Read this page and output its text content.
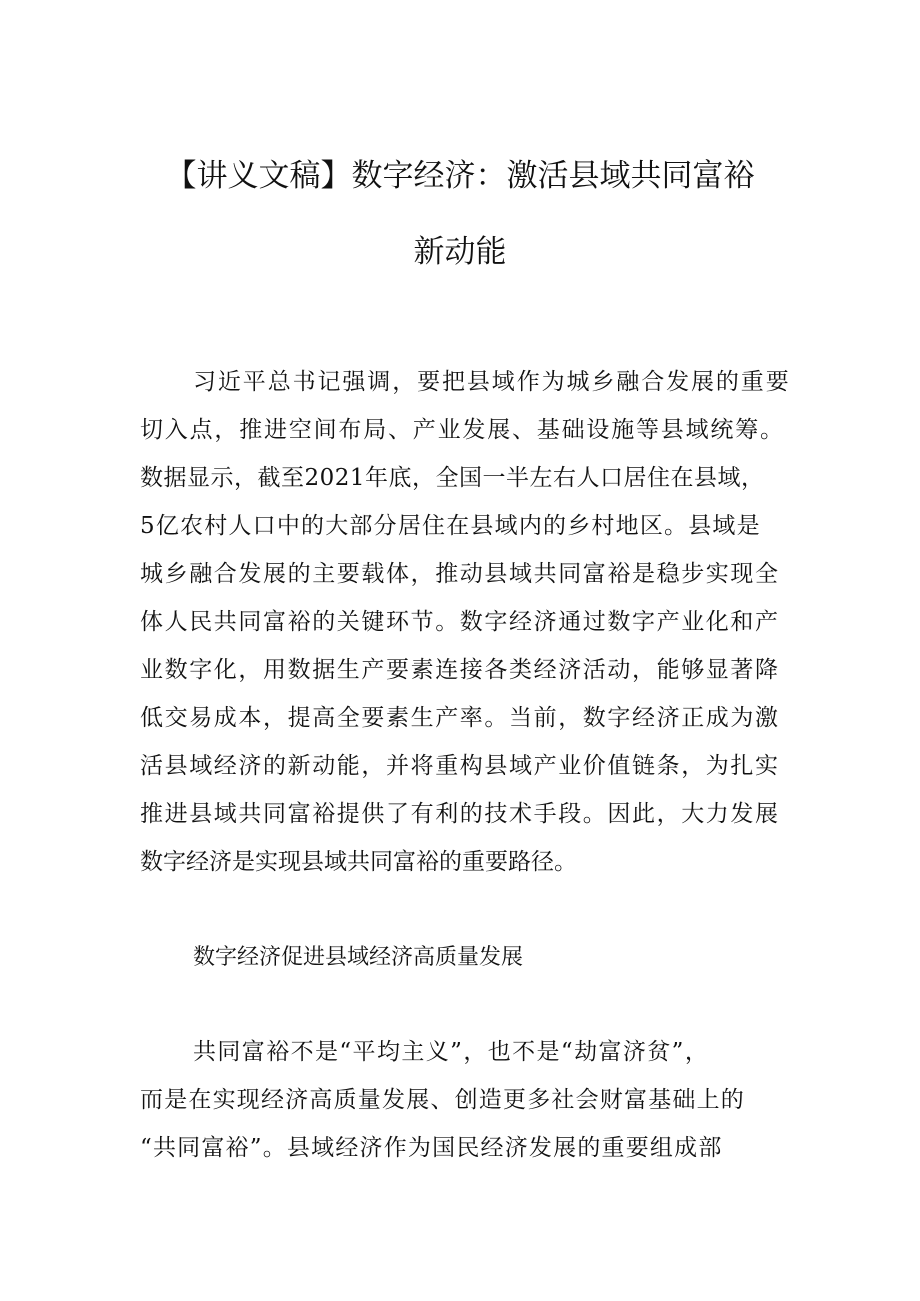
【讲义文稿】数字经济：激活县域共同富裕
新动能
习近平总书记强调，要把县域作为城乡融合发展的重要
切入点，推进空间布局、产业发展、基础设施等县域统筹。
数据显示，截至2021年底，全国一半左右人口居住在县域，
5亿农村人口中的大部分居住在县域内的乡村地区。县域是
城乡融合发展的主要载体，推动县域共同富裕是稳步实现全
体人民共同富裕的关键环节。数字经济通过数字产业化和产
业数字化，用数据生产要素连接各类经济活动，能够显著降
低交易成本，提高全要素生产率。当前，数字经济正成为激
活县域经济的新动能，并将重构县域产业价值链条，为扎实
推进县域共同富裕提供了有利的技术手段。因此，大力发展
数字经济是实现县域共同富裕的重要路径。
数字经济促进县域经济高质量发展
共同富裕不是“平均主义”，也不是“劫富济贫”，
而是在实现经济高质量发展、创造更多社会财富基础上的
“共同富裕”。县域经济作为国民经济发展的重要组成部
